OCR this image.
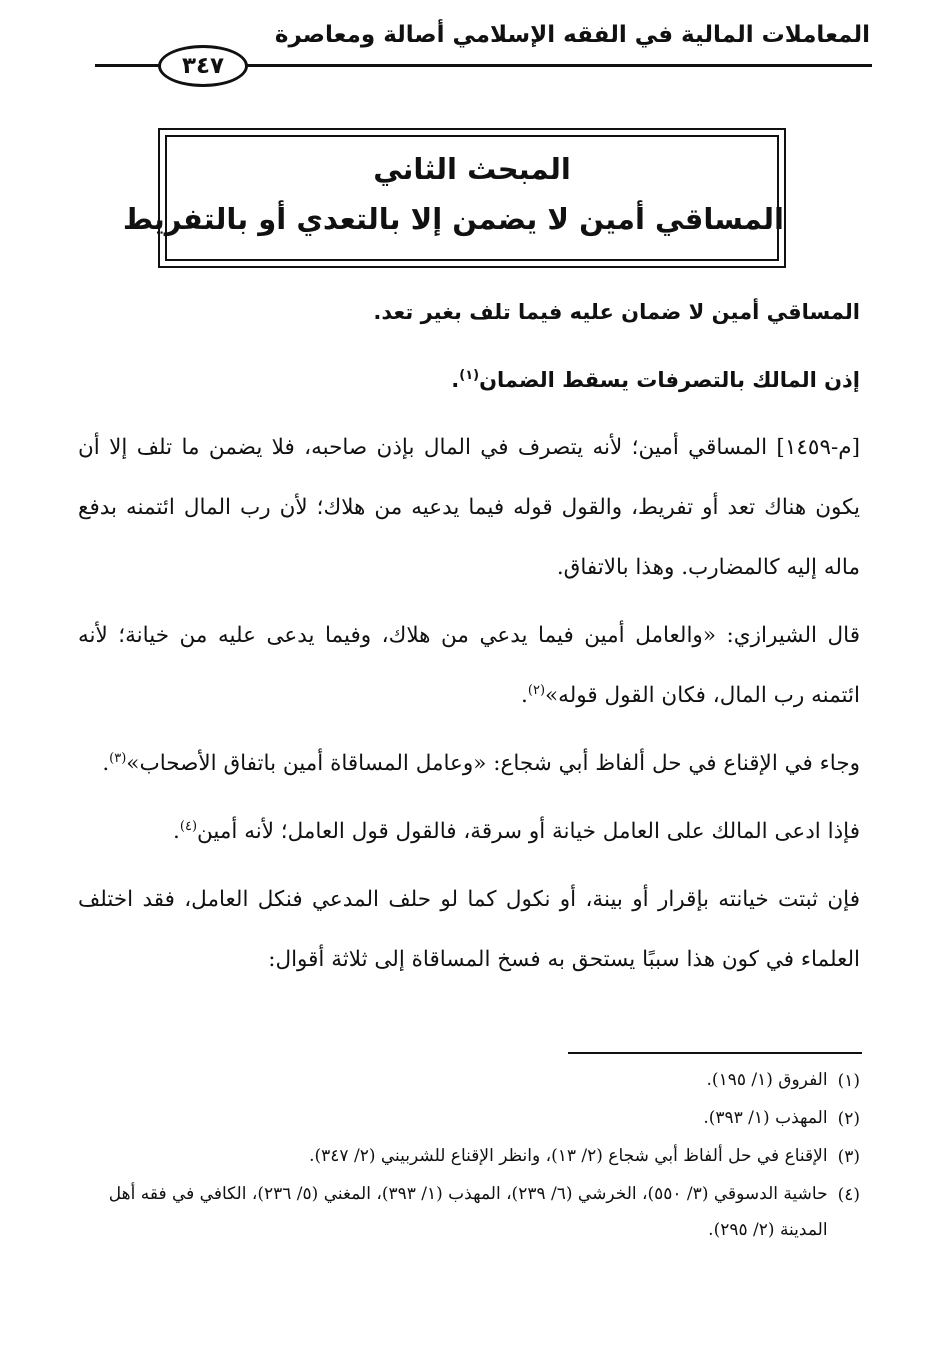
المعاملات المالية في الفقه الإسلامي أصالة ومعاصرة
٣٤٧
المبحث الثاني
المساقي أمين لا يضمن إلا بالتعدي أو بالتفريط

المساقي أمين لا ضمان عليه فيما تلف بغير تعد.

إذن المالك بالتصرفات يسقط الضمان$^{(١)}$.

[م-١٤٥٩] المساقي أمين؛ لأنه يتصرف في المال بإذن صاحبه، فلا يضمن ما تلف إلا أن يكون هناك تعد أو تفريط، والقول قوله فيما يدعيه من هلاك؛ لأن رب المال ائتمنه بدفع ماله إليه كالمضارب. وهذا بالاتفاق.

قال الشيرازي: «والعامل أمين فيما يدعي من هلاك، وفيما يدعى عليه من خيانة؛ لأنه ائتمنه رب المال، فكان القول قوله»$^{(٢)}$.

وجاء في الإقناع في حل ألفاظ أبي شجاع: «وعامل المساقاة أمين باتفاق الأصحاب»$^{(٣)}$.

فإذا ادعى المالك على العامل خيانة أو سرقة، فالقول قول العامل؛ لأنه أمين$^{(٤)}$.

فإن ثبتت خيانته بإقرار أو بينة، أو نكول كما لو حلف المدعي فنكل العامل، فقد اختلف العلماء في كون هذا سببًا يستحق به فسخ المساقاة إلى ثلاثة أقوال:

(١)
الفروق (١/ ١٩٥).
(٢)
المهذب (١/ ٣٩٣).
(٣)
الإقناع في حل ألفاظ أبي شجاع (٢/ ١٣)، وانظر الإقناع للشربيني (٢/ ٣٤٧).
(٤)
حاشية الدسوقي (٣/ ٥٥٠)، الخرشي (٦/ ٢٣٩)، المهذب (١/ ٣٩٣)، المغني (٥/ ٢٣٦)، الكافي في فقه أهل المدينة (٢/ ٢٩٥).
